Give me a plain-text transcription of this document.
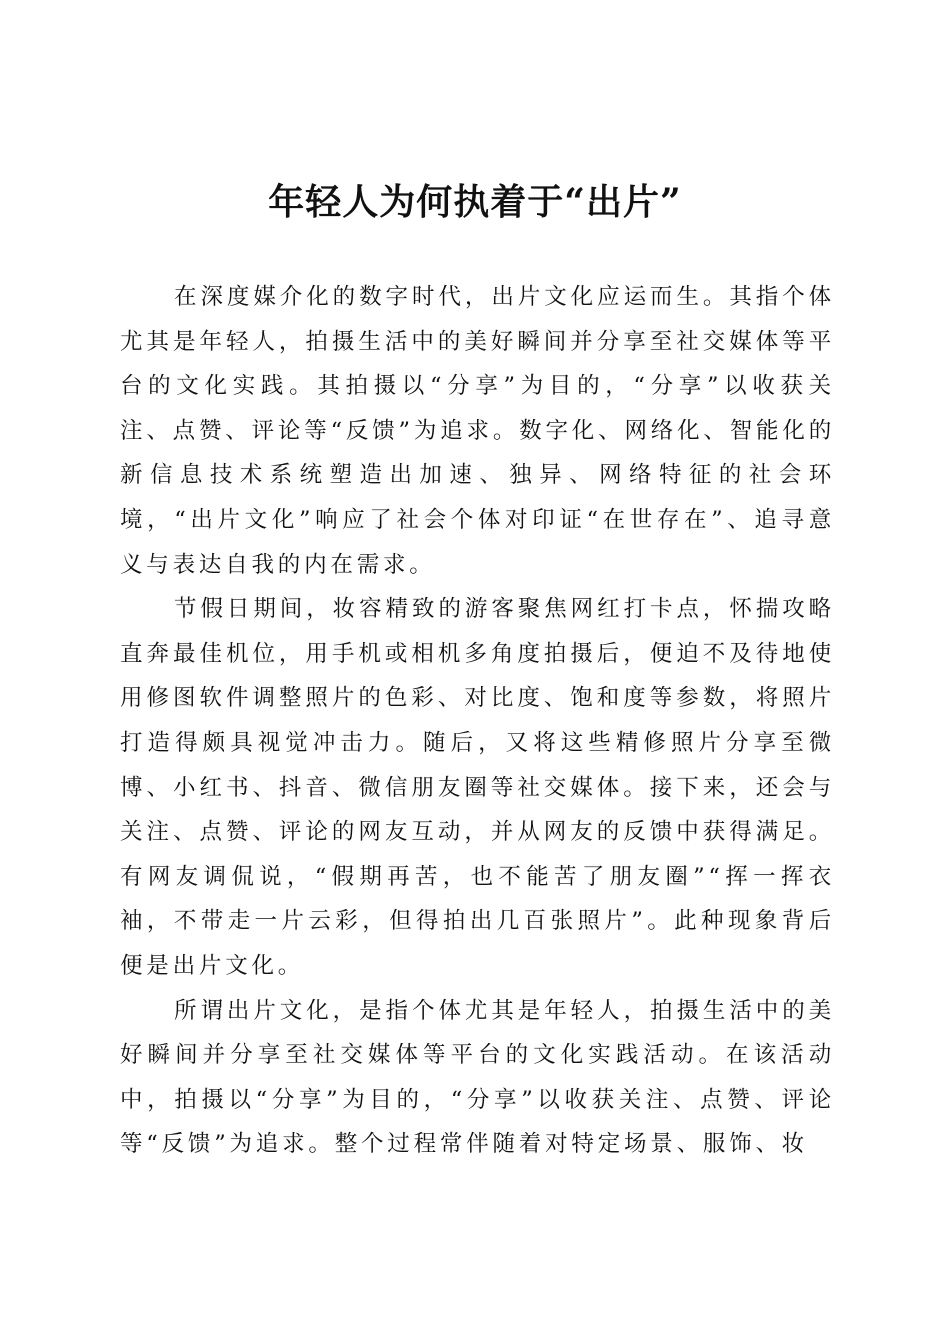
年轻人为何执着于“出片”

在深度媒介化的数字时代，出片文化应运而生。其指个体尤其是年轻人，拍摄生活中的美好瞬间并分享至社交媒体等平台的文化实践。其拍摄以“分享”为目的，“分享”以收获关注、点赞、评论等“反馈”为追求。数字化、网络化、智能化的新信息技术系统塑造出加速、独异、网络特征的社会环境，“出片文化”响应了社会个体对印证“在世存在”、追寻意义与表达自我的内在需求。

节假日期间，妆容精致的游客聚焦网红打卡点，怀揣攻略直奔最佳机位，用手机或相机多角度拍摄后，便迫不及待地使用修图软件调整照片的色彩、对比度、饱和度等参数，将照片打造得颇具视觉冲击力。随后，又将这些精修照片分享至微博、小红书、抖音、微信朋友圈等社交媒体。接下来，还会与关注、点赞、评论的网友互动，并从网友的反馈中获得满足。有网友调侃说，“假期再苦，也不能苦了朋友圈”“挥一挥衣袖，不带走一片云彩，但得拍出几百张照片”。此种现象背后便是出片文化。

所谓出片文化，是指个体尤其是年轻人，拍摄生活中的美好瞬间并分享至社交媒体等平台的文化实践活动。在该活动中，拍摄以“分享”为目的，“分享”以收获关注、点赞、评论等“反馈”为追求。整个过程常伴随着对特定场景、服饰、妆
